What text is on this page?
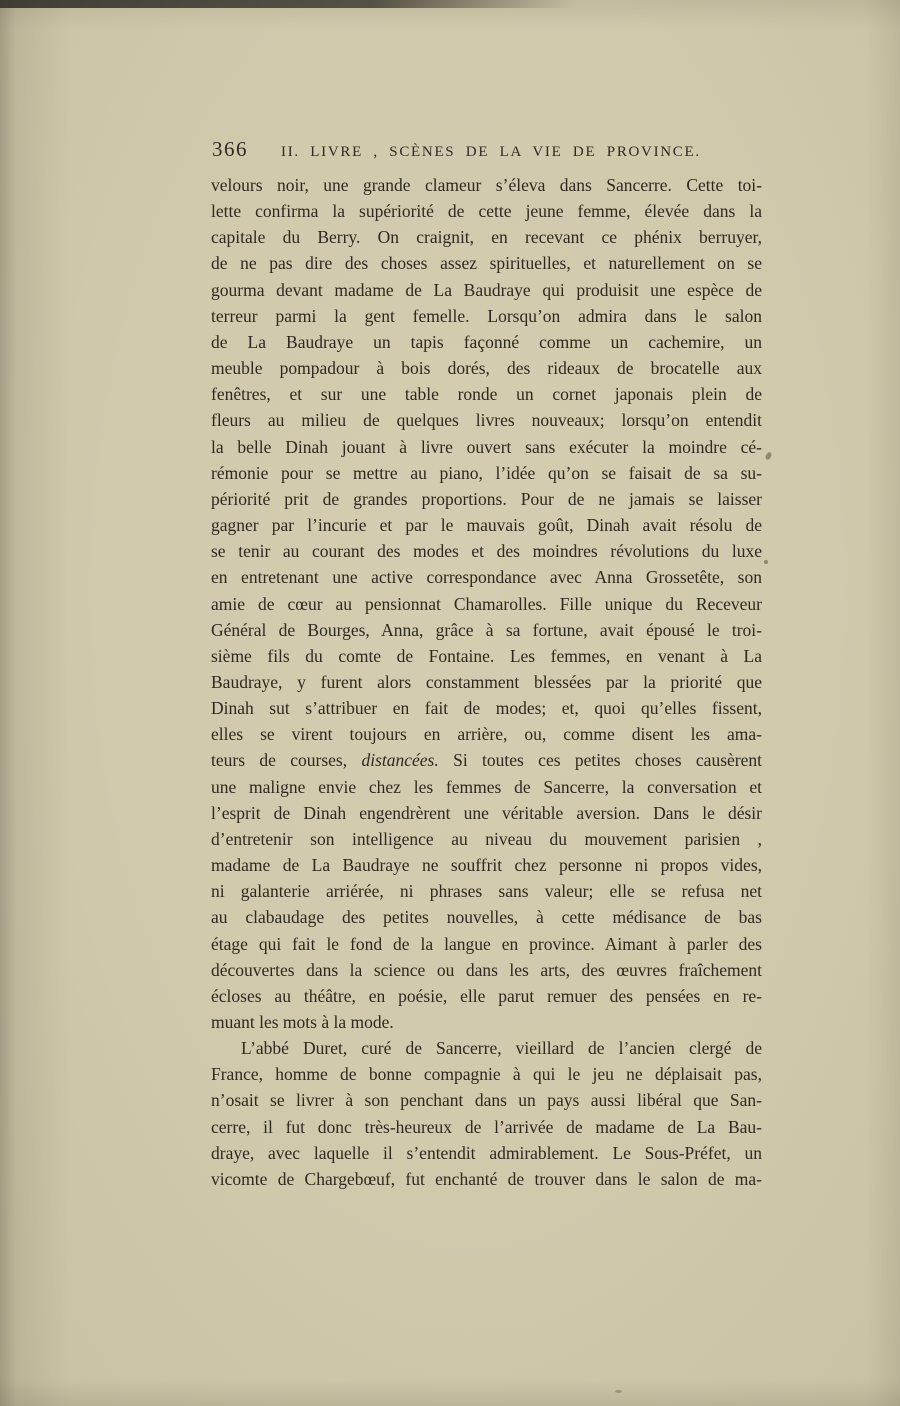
366 II. LIVRE , SCÈNES DE LA VIE DE PROVINCE.
velours noir, une grande clameur s’éleva dans Sancerre. Cette toi-
lette confirma la supériorité de cette jeune femme, élevée dans la
capitale du Berry. On craignit, en recevant ce phénix berruyer,
de ne pas dire des choses assez spirituelles, et naturellement on se
gourma devant madame de La Baudraye qui produisit une espèce de
terreur parmi la gent femelle. Lorsqu’on admira dans le salon
de La Baudraye un tapis façonné comme un cachemire, un
meuble pompadour à bois dorés, des rideaux de brocatelle aux
fenêtres, et sur une table ronde un cornet japonais plein de
fleurs au milieu de quelques livres nouveaux; lorsqu’on entendit
la belle Dinah jouant à livre ouvert sans exécuter la moindre cé-
rémonie pour se mettre au piano, l’idée qu’on se faisait de sa su-
périorité prit de grandes proportions. Pour de ne jamais se laisser
gagner par l’incurie et par le mauvais goût, Dinah avait résolu de
se tenir au courant des modes et des moindres révolutions du luxe
en entretenant une active correspondance avec Anna Grossetête, son
amie de cœur au pensionnat Chamarolles. Fille unique du Receveur
Général de Bourges, Anna, grâce à sa fortune, avait épousé le troi-
sième fils du comte de Fontaine. Les femmes, en venant à La
Baudraye, y furent alors constamment blessées par la priorité que
Dinah sut s’attribuer en fait de modes; et, quoi qu’elles fissent,
elles se virent toujours en arrière, ou, comme disent les ama-
teurs de courses, distancées. Si toutes ces petites choses causèrent
une maligne envie chez les femmes de Sancerre, la conversation et
l’esprit de Dinah engendrèrent une véritable aversion. Dans le désir
d’entretenir son intelligence au niveau du mouvement parisien ,
madame de La Baudraye ne souffrit chez personne ni propos vides,
ni galanterie arriérée, ni phrases sans valeur; elle se refusa net
au clabaudage des petites nouvelles, à cette médisance de bas
étage qui fait le fond de la langue en province. Aimant à parler des
découvertes dans la science ou dans les arts, des œuvres fraîchement
écloses au théâtre, en poésie, elle parut remuer des pensées en re-
muant les mots à la mode.
L’abbé Duret, curé de Sancerre, vieillard de l’ancien clergé de
France, homme de bonne compagnie à qui le jeu ne déplaisait pas,
n’osait se livrer à son penchant dans un pays aussi libéral que San-
cerre, il fut donc très-heureux de l’arrivée de madame de La Bau-
draye, avec laquelle il s’entendit admirablement. Le Sous-Préfet, un
vicomte de Chargebœuf, fut enchanté de trouver dans le salon de ma-
